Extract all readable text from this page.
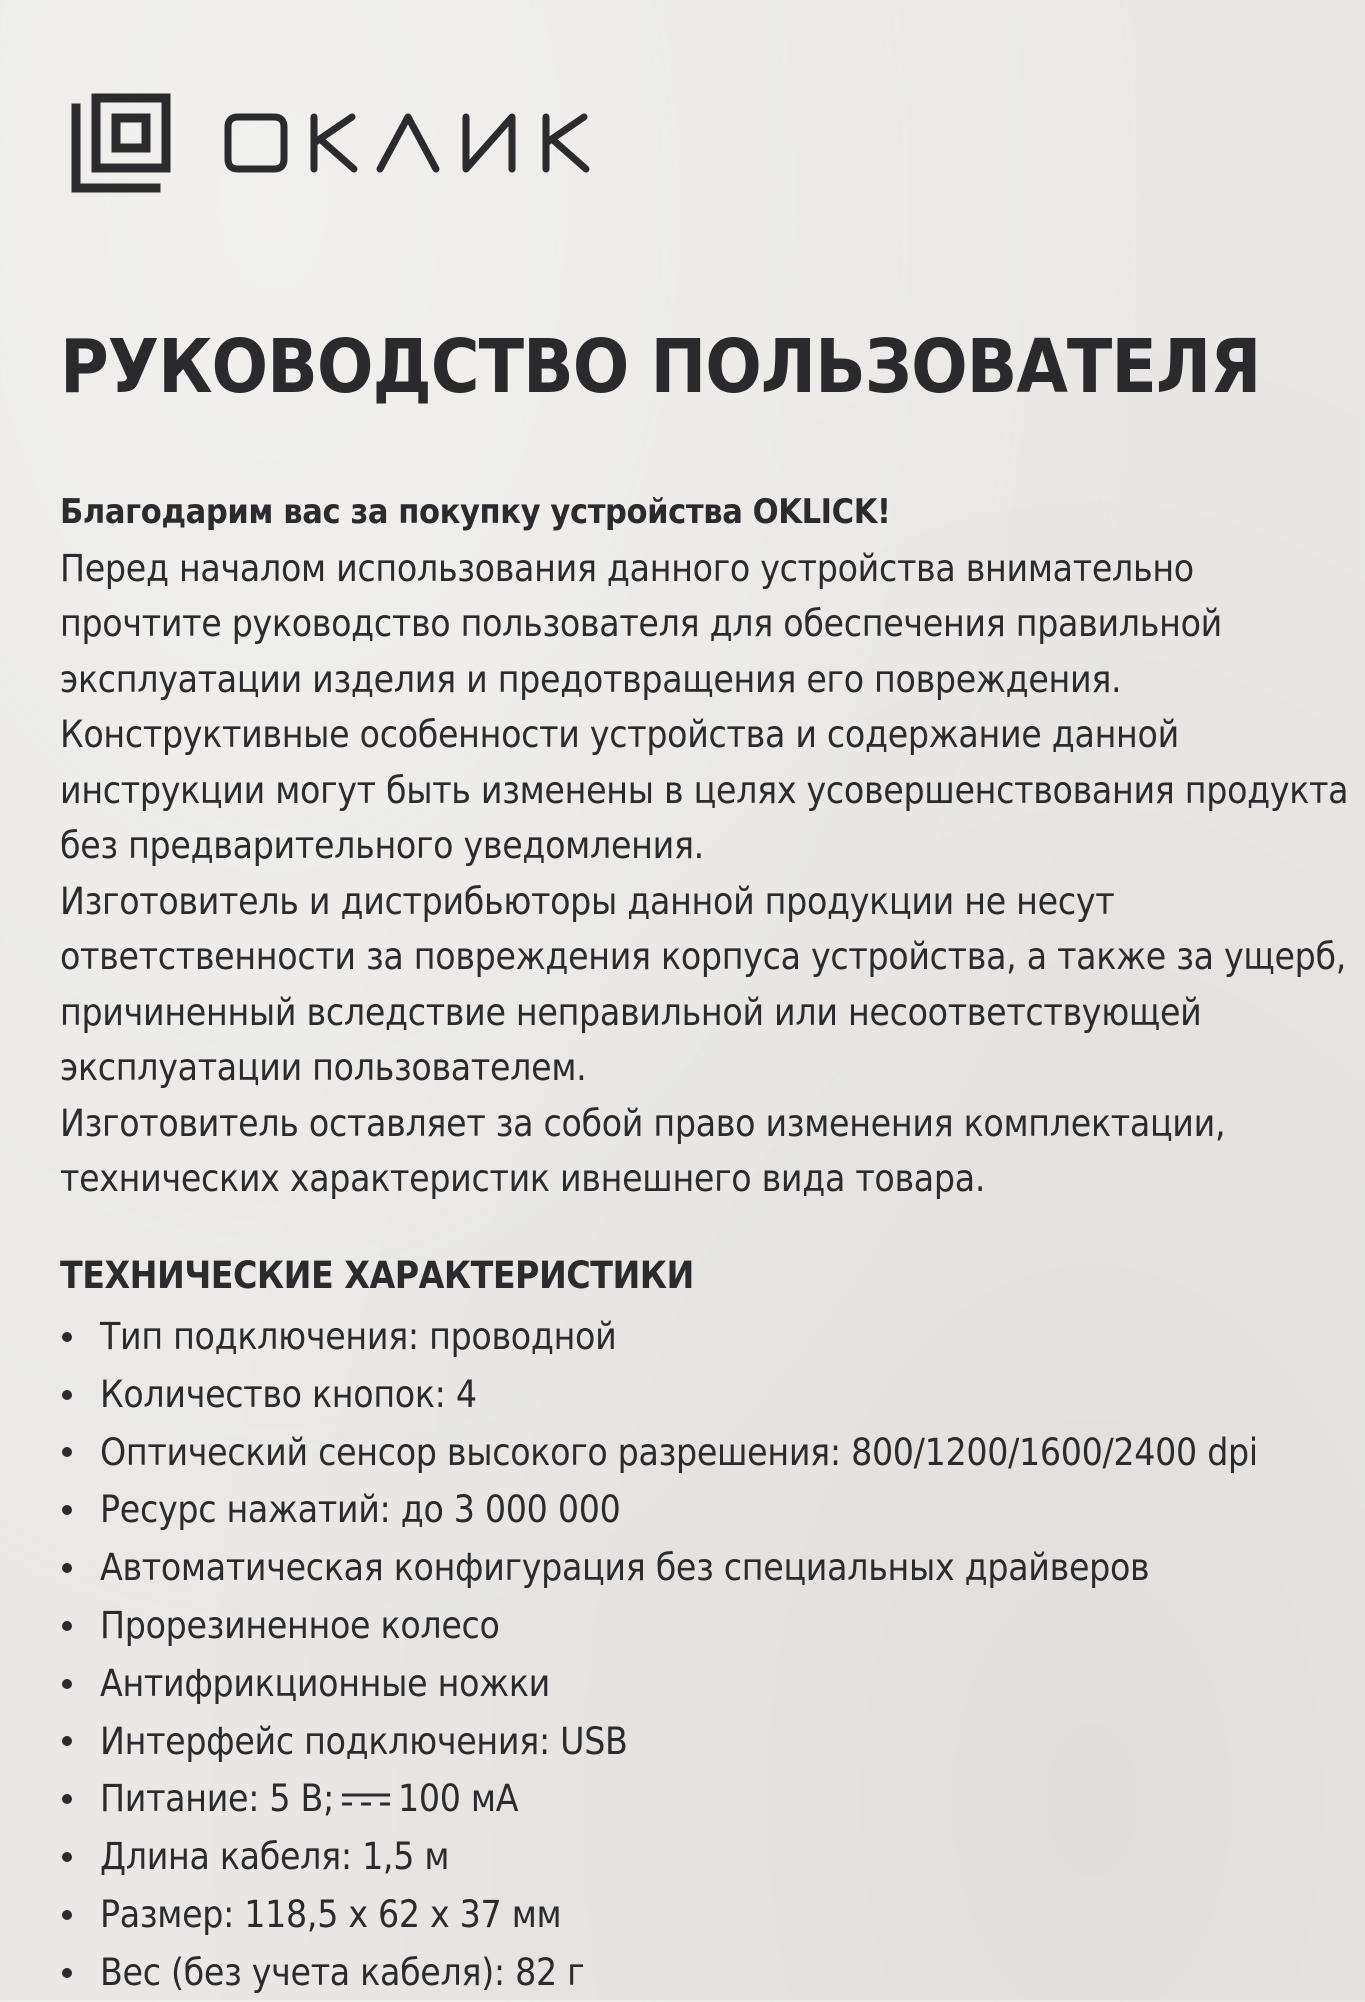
РУКОВОДСТВО ПОЛЬЗОВАТЕЛЯ

Благодарим вас за покупку устройства OKLICK!

Перед началом использования данного устройства внимательно

прочтите руководство пользователя для обеспечения правильной

эксплуатации изделия и предотвращения его повреждения.

Конструктивные особенности устройства и содержание данной

инструкции могут быть изменены в целях усовершенствования продукта

без предварительного уведомления.

Изготовитель и дистрибьюторы данной продукции не несут

ответственности за повреждения корпуса устройства, а также за ущерб,

причиненный вследствие неправильной или несоответствующей

эксплуатации пользователем.

Изготовитель оставляет за собой право изменения комплектации,

технических характеристик ивнешнего вида товара.

ТЕХНИЧЕСКИЕ ХАРАКТЕРИСТИКИ
Тип подключения: проводной
Количество кнопок: 4
Оптический сенсор высокого разрешения: 800/1200/1600/2400 dpi
Ресурс нажатий: до 3 000 000
Автоматическая конфигурация без специальных драйверов
Прорезиненное колесо
Антифрикционные ножки
Интерфейс подключения: USB
Питание: 5 В; 100 мА
Длина кабеля: 1,5 м
Размер: 118,5 х 62 х 37 мм
Вес (без учета кабеля): 82 г
